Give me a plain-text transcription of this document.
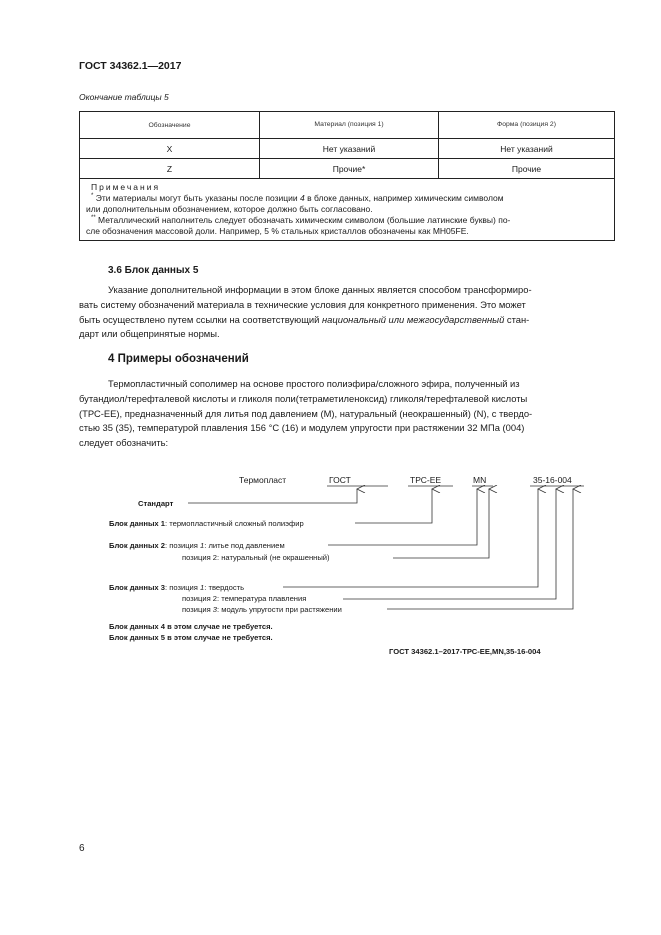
ГОСТ 34362.1—2017
Окончание таблицы 5
Обозначение	Материал (позиция 1)	Форма (позиция 2)
X	Нет указаний	Нет указаний
Z	Прочие*	Прочие

Примечания
* Эти материалы могут быть указаны после позиции 4 в блоке данных, например химическим символом
или дополнительным обозначением, которое должно быть согласовано.
** Металлический наполнитель следует обозначать химическим символом (большие латинские буквы) по-
сле обозначения массовой доли. Например, 5 % стальных кристаллов обозначены как MH05FE.		
3.6 Блок данных 5
Указание дополнительной информации в этом блоке данных является способом трансформиро-
вать систему обозначений материала в технические условия для конкретного применения. Это может
быть осуществлено путем ссылки на соответствующий национальный или межгосударственный стан-
дарт или общепринятые нормы.
4 Примеры обозначений
Термопластичный сополимер на основе простого полиэфира/сложного эфира, полученный из
бутандиол/терефталевой кислоты и гликоля поли(тетраметиленоксид) гликоля/терефталевой кислоты
(ТРС-ЕЕ), предназначенный для литья под давлением (М), натуральный (неокрашенный) (N), с твердо-
стью 35 (35), температурой плавления 156 °С (16) и модулем упругости при растяжении 32 МПа (004)
следует обозначить:
Термопласт	ГОСТ	ТРС-ЕЕ	MN	35-16-004
Стандарт
Блок данных 1: термопластичный сложный полиэфир
Блок данных 2: позиция 1: литье под давлением
позиция 2: натуральный (не окрашенный)
Блок данных 3: позиция 1: твердость
позиция 2: температура плавления
позиция 3: модуль упругости при растяжении
Блок данных 4 в этом случае не требуется.
Блок данных 5 в этом случае не требуется.
ГОСТ 34362.1–2017-ТРС-ЕЕ,MN,35-16-004
6
